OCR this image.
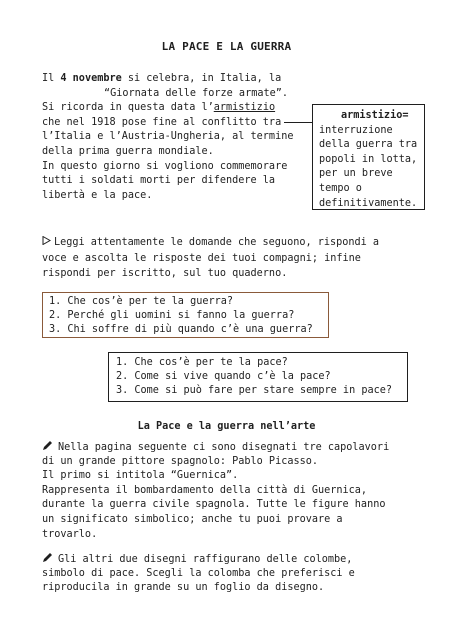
LA PACE E LA GUERRA
Il 4 novembre si celebra, in Italia, la
“Giornata delle forze armate”.
Si ricorda in questa data l’armistizio
che nel 1918 pose fine al conflitto tra
l’Italia e l’Austria-Ungheria, al termine
della prima guerra mondiale.
In questo giorno si vogliono commemorare
tutti i soldati morti per difendere la
libertà e la pace.
armistizio=
interruzione
della guerra tra
popoli in lotta,
per un breve
tempo o
definitivamente.
Leggi attentamente le domande che seguono, rispondi a
voce e ascolta le risposte dei tuoi compagni; infine
rispondi per iscritto, sul tuo quaderno.
1. Che cos’è per te la guerra?
2. Perché gli uomini si fanno la guerra?
3. Chi soffre di più quando c’è una guerra?
1. Che cos’è per te la pace?
2. Come si vive quando c’è la pace?
3. Come si può fare per stare sempre in pace?
La Pace e la guerra nell’arte
Nella pagina seguente ci sono disegnati tre capolavori
di un grande pittore spagnolo: Pablo Picasso.
Il primo si intitola “Guernica”.
Rappresenta il bombardamento della città di Guernica,
durante la guerra civile spagnola. Tutte le figure hanno
un significato simbolico; anche tu puoi provare a
trovarlo.
Gli altri due disegni raffigurano delle colombe,
simbolo di pace. Scegli la colomba che preferisci e
riproducila in grande su un foglio da disegno.
